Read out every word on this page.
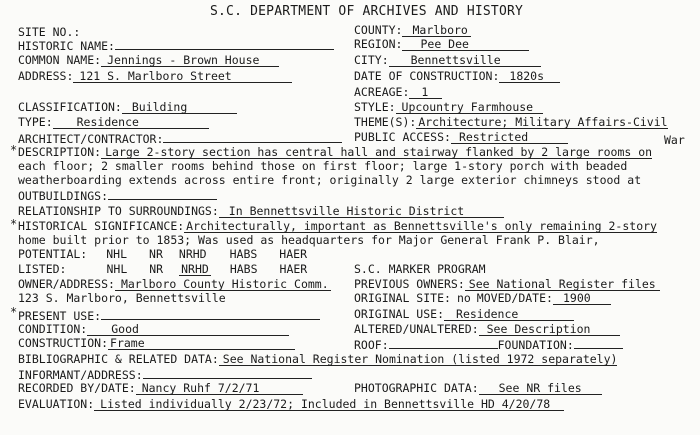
S.C. DEPARTMENT OF ARCHIVES AND HISTORY
SITE NO.:	COUNTY: Marlboro
HISTORIC NAME:	REGION: Pee Dee
COMMON NAME: Jennings - Brown House	CITY: Bennettsville
ADDRESS: 121 S. Marlboro Street	DATE OF CONSTRUCTION: 1820s
ACREAGE: 1
CLASSIFICATION: Building	STYLE: Upcountry Farmhouse
TYPE: Residence	THEME(S): Architecture; Military Affairs-Civil
ARCHITECT/CONTRACTOR:	PUBLIC ACCESS: Restricted	War
* DESCRIPTION: Large 2-story section has central hall and stairway flanked by 2 large rooms on
each floor; 2 smaller rooms behind those on first floor; large 1-story porch with beaded
weatherboarding extends across entire front; originally 2 large exterior chimneys stood at
OUTBUILDINGS:
RELATIONSHIP TO SURROUNDINGS: In Bennettsville Historic District
* HISTORICAL SIGNIFICANCE: Architecturally, important as Bennettsville's only remaining 2-story
home built prior to 1853; Was used as headquarters for Major General Frank P. Blair,
POTENTIAL: NHL NR NRHD HABS HAER
LISTED:	NHL NR NRHD HABS HAER	S.C. MARKER PROGRAM
OWNER/ADDRESS: Marlboro County Historic Comm. PREVIOUS OWNERS: See National Register files
123 S. Marlboro, Bennettsville	ORIGINAL SITE: no MOVED/DATE: 1900
* PRESENT USE:	ORIGINAL USE: Residence
CONDITION: Good	ALTERED/UNALTERED: See Description
CONSTRUCTION: Frame	ROOF:	FOUNDATION:
BIBLIOGRAPHIC & RELATED DATA: See National Register Nomination (listed 1972 separately)
INFORMANT/ADDRESS:
RECORDED BY/DATE: Nancy Ruhf 7/2/71	PHOTOGRAPHIC DATA: See NR files
EVALUATION: Listed individually 2/23/72; Included in Bennettsville HD 4/20/78
